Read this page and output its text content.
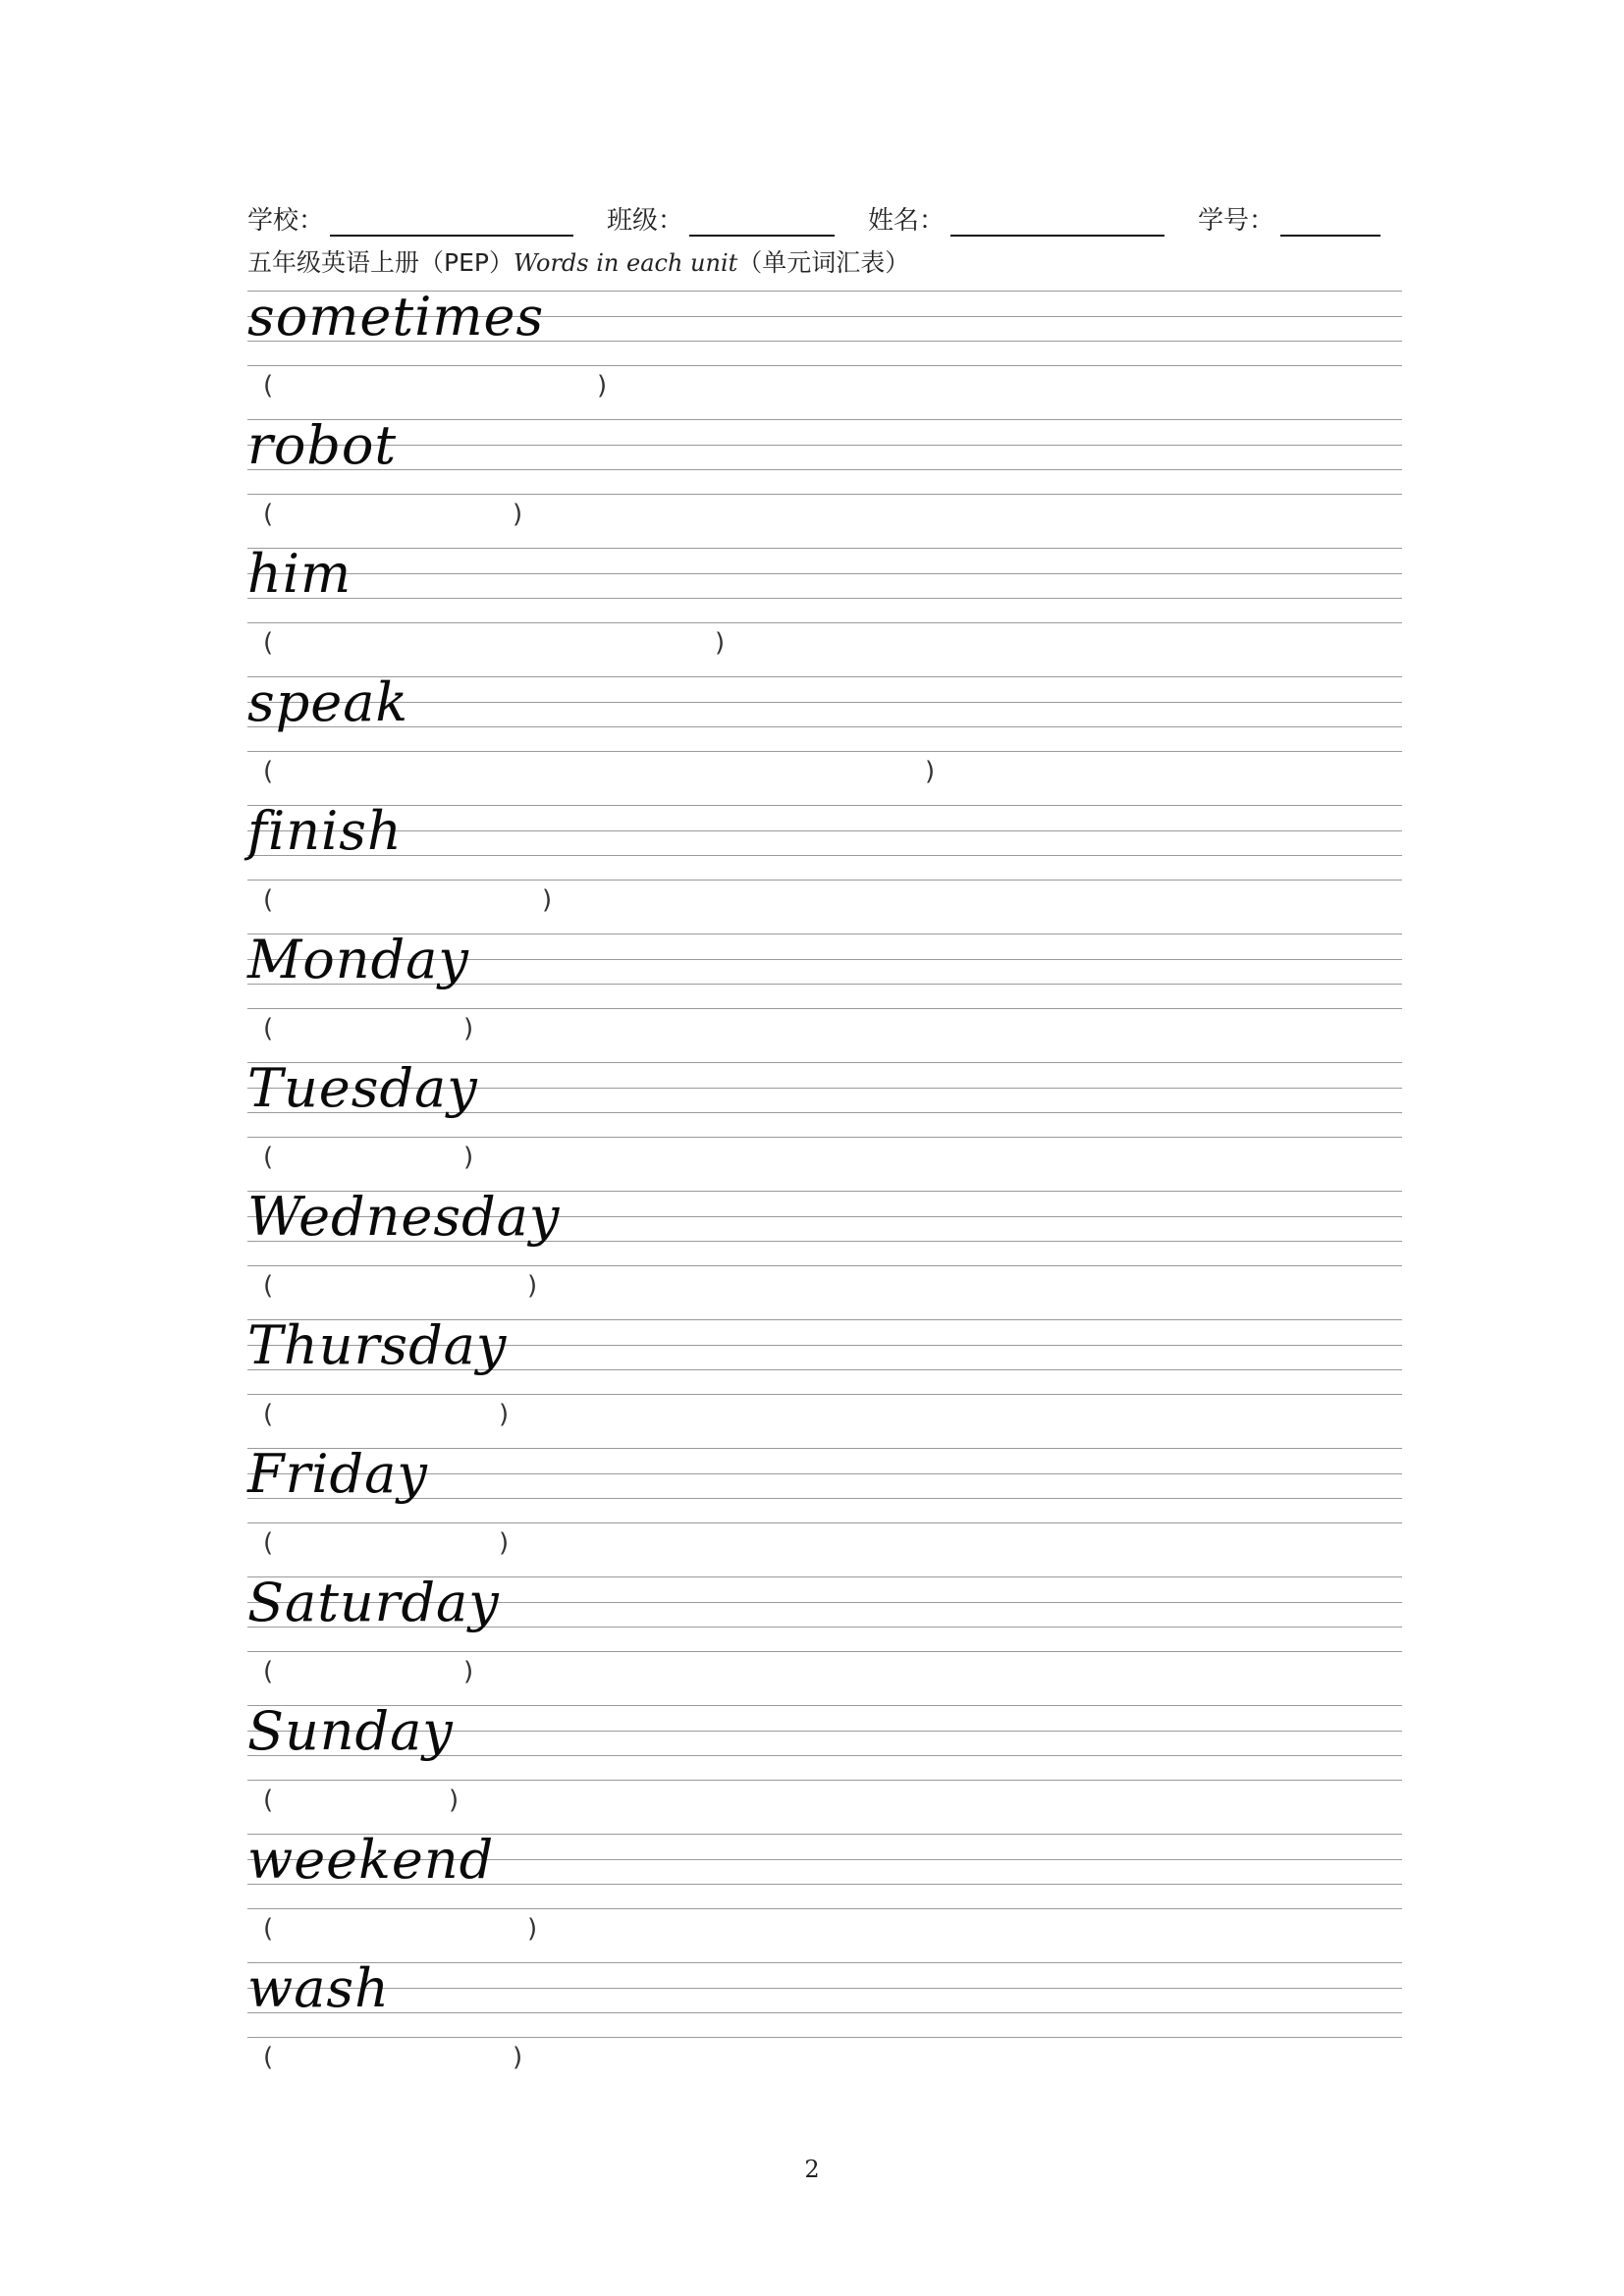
学校：	班级：	姓名：	学号：
五年级英语上册（PEP）Words in each unit（单元词汇表）
sometimes
(	)
robot
(	)
him
(	)
speak
(	)
finish
(	)
Monday
(	)
Tuesday
(	)
Wednesday
(	)
Thursday
(	)
Friday
(	)
Saturday
(	)
Sunday
(	)
weekend
(	)
wash
(	)
2
